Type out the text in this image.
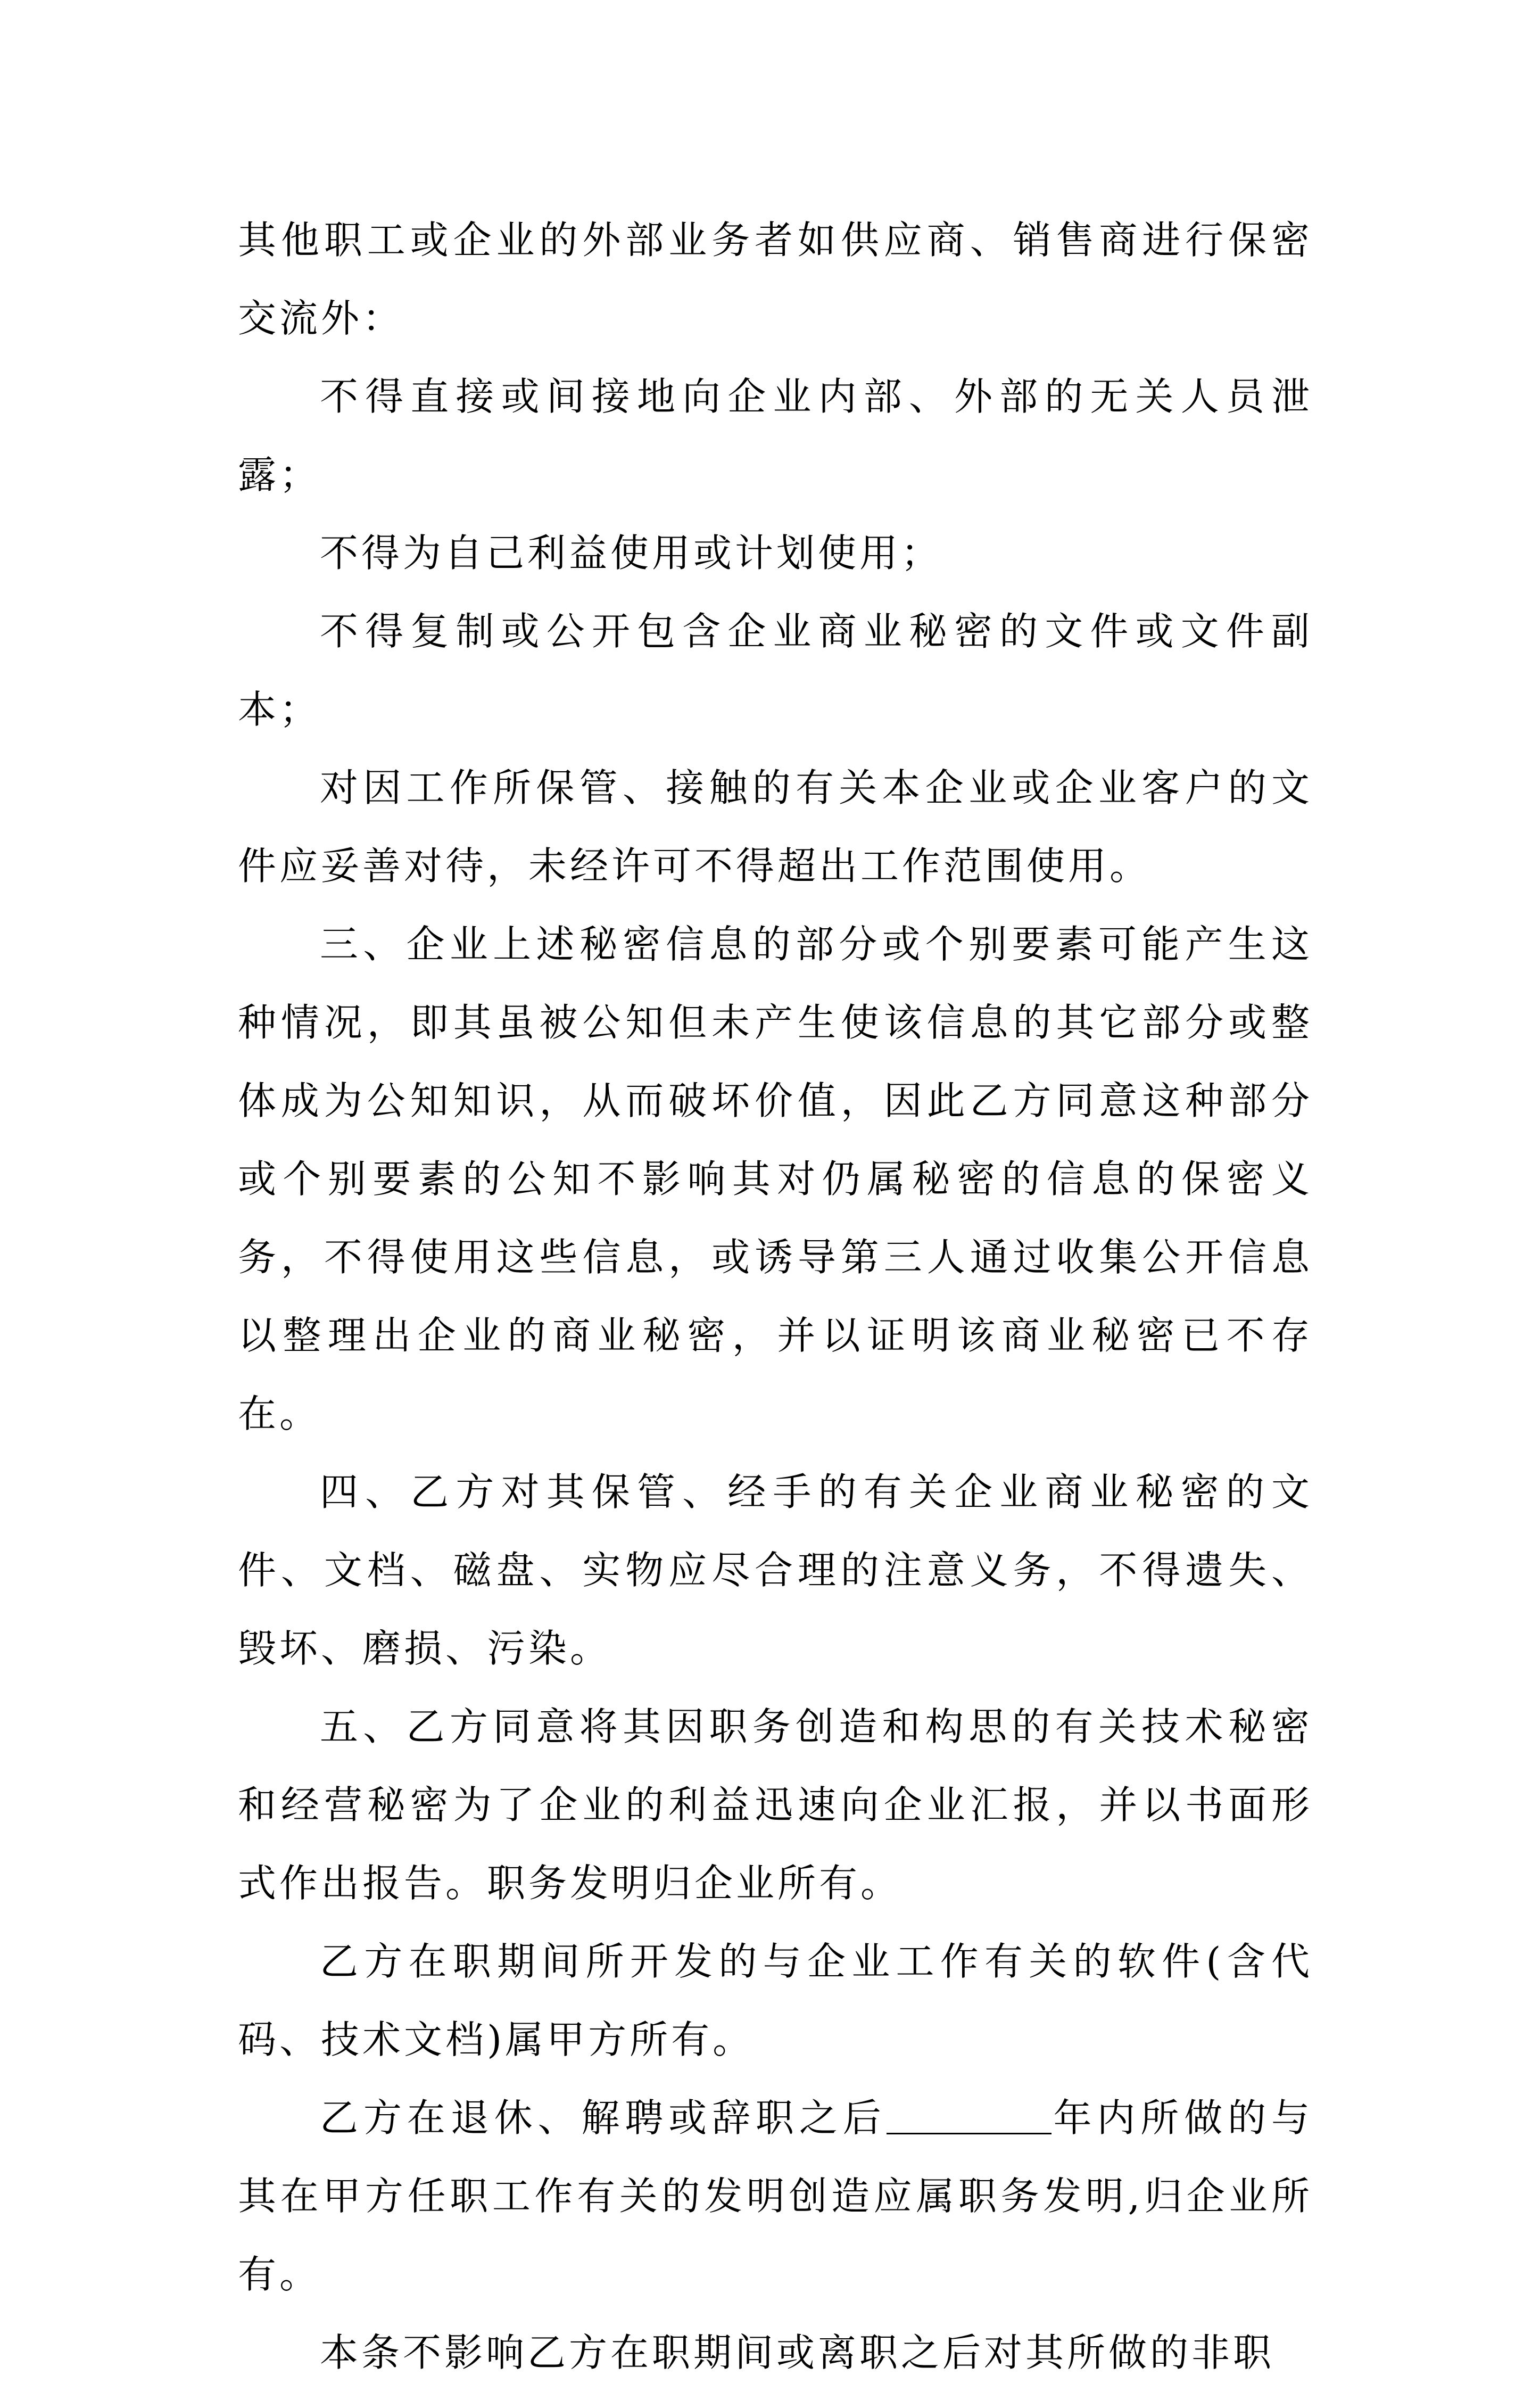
其他职工或企业的外部业务者如供应商、销售商进行保密交流外：

不得直接或间接地向企业内部、外部的无关人员泄露；

不得为自己利益使用或计划使用；

不得复制或公开包含企业商业秘密的文件或文件副本；

对因工作所保管、接触的有关本企业或企业客户的文件应妥善对待，未经许可不得超出工作范围使用。

三、企业上述秘密信息的部分或个别要素可能产生这种情况，即其虽被公知但未产生使该信息的其它部分或整体成为公知知识，从而破坏价值，因此乙方同意这种部分或个别要素的公知不影响其对仍属秘密的信息的保密义务，不得使用这些信息，或诱导第三人通过收集公开信息以整理出企业的商业秘密，并以证明该商业秘密已不存在。

四、乙方对其保管、经手的有关企业商业秘密的文件、文档、磁盘、实物应尽合理的注意义务，不得遗失、毁坏、磨损、污染。

五、乙方同意将其因职务创造和构思的有关技术秘密和经营秘密为了企业的利益迅速向企业汇报，并以书面形式作出报告。职务发明归企业所有。

乙方在职期间所开发的与企业工作有关的软件(含代码、技术文档)属甲方所有。

乙方在退休、解聘或辞职之后	年内所做的与其在甲方任职工作有关的发明创造应属职务发明,归企业所有。

本条不影响乙方在职期间或离职之后对其所做的非职
